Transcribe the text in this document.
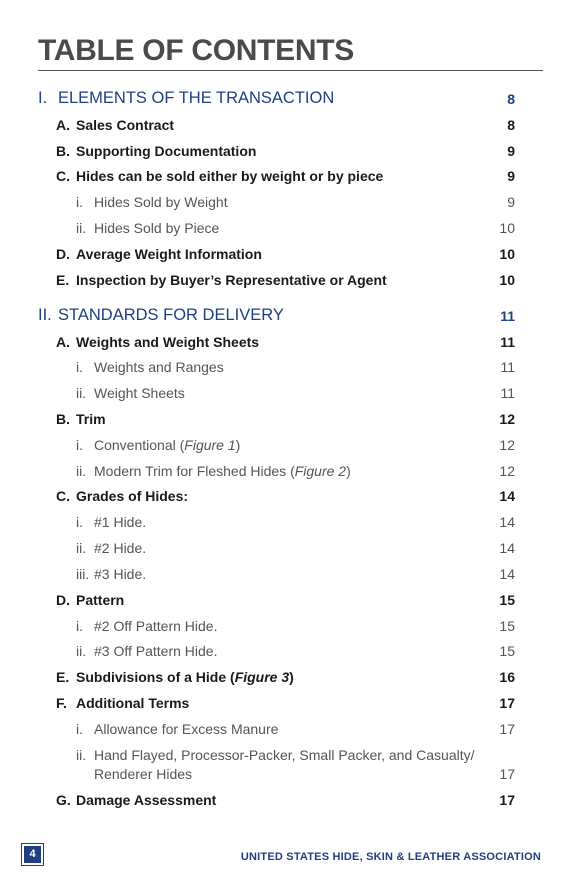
TABLE OF CONTENTS
I. ELEMENTS OF THE TRANSACTION	8
A. Sales Contract	8
B. Supporting Documentation	9
C. Hides can be sold either by weight or by piece	9
i. Hides Sold by Weight	9
ii. Hides Sold by Piece	10
D. Average Weight Information	10
E. Inspection by Buyer’s Representative or Agent	10
II. STANDARDS FOR DELIVERY	11
A. Weights and Weight Sheets	11
i. Weights and Ranges	11
ii. Weight Sheets	11
B. Trim	12
i. Conventional (Figure 1)	12
ii. Modern Trim for Fleshed Hides (Figure 2)	12
C. Grades of Hides:	14
i. #1 Hide.	14
ii. #2 Hide.	14
iii. #3 Hide.	14
D. Pattern	15
i. #2 Off Pattern Hide.	15
ii. #3 Off Pattern Hide.	15
E. Subdivisions of a Hide (Figure 3)	16
F. Additional Terms	17
i. Allowance for Excess Manure	17
ii. Hand Flayed, Processor-Packer, Small Packer, and Casualty/
Renderer Hides	17
G. Damage Assessment	17
4	UNITED STATES HIDE, SKIN & LEATHER ASSOCIATION
